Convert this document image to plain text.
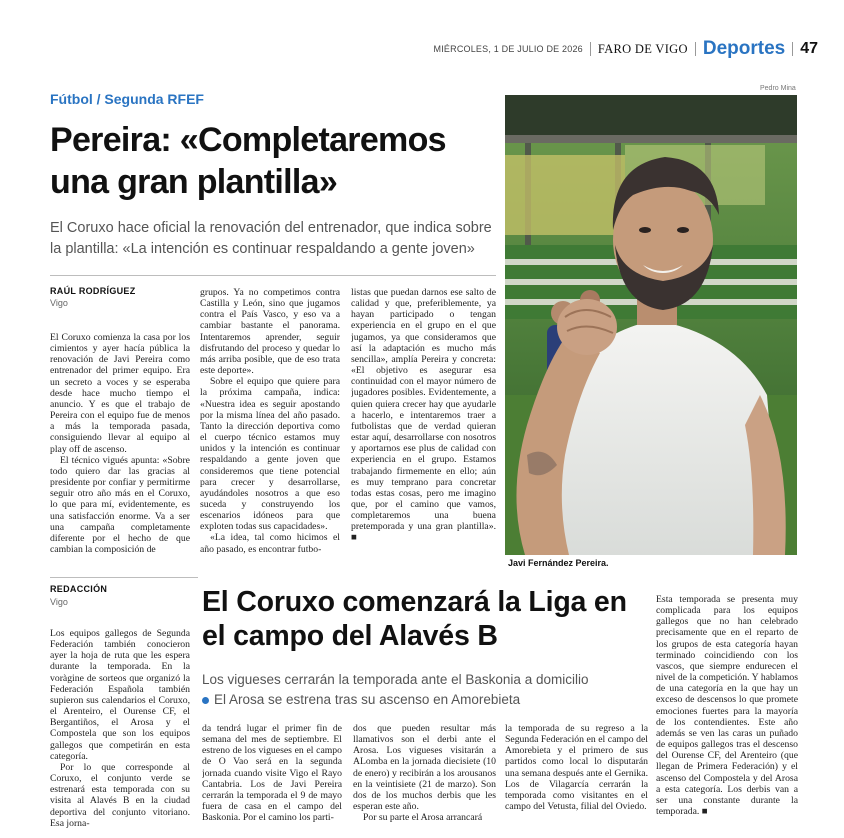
MIÉRCOLES, 1 DE JULIO DE 2026 FARO DE VIGO Deportes 47
Fútbol / Segunda RFEF
Pereira: «Completaremos una gran plantilla»
El Coruxo hace oficial la renovación del entrenador, que indica sobre la plantilla: «La intención es continuar respaldando a gente joven»
RAÚL RODRÍGUEZ
Vigo

El Coruxo comienza la casa por los cimientos y ayer hacía pública la renovación de Javi Pereira como entrenador del primer equipo. Era un secreto a voces y se esperaba desde hace mucho tiempo el anuncio. Y es que el trabajo de Pereira con el equipo fue de menos a más la temporada pasada, consiguiendo llevar al equipo al play off de ascenso.

El técnico vigués apunta: «Sobre todo quiero dar las gracias al presidente por confiar y permitirme seguir otro año más en el Coruxo, lo que para mí, evidentemente, es una satisfacción enorme. Va a ser una campaña completamente diferente por el hecho de que cambian la composición de

grupos. Ya no competimos contra Castilla y León, sino que jugamos contra el País Vasco, y eso va a cambiar bastante el panorama. Intentaremos aprender, seguir disfrutando del proceso y quedar lo más arriba posible, que de eso trata este deporte».

Sobre el equipo que quiere para la próxima campaña, indica: «Nuestra idea es seguir apostando por la misma línea del año pasado. Tanto la dirección deportiva como el cuerpo técnico estamos muy unidos y la intención es continuar respaldando a gente joven que consideremos que tiene potencial para crecer y desarrollarse, ayudándoles nosotros a que eso suceda y construyendo los escenarios idóneos para que exploten todas sus capacidades».

«La idea, tal como hicimos el año pasado, es encontrar futbo-

listas que puedan darnos ese salto de calidad y que, preferiblemente, ya hayan participado o tengan experiencia en el grupo en el que jugamos, ya que consideramos que así la adaptación es mucho más sencilla», amplía Pereira y concreta: «El objetivo es asegurar esa continuidad con el mayor número de jugadores posibles. Evidentemente, a quien quiera crecer hay que ayudarle a hacerlo, e intentaremos traer a futbolistas que de verdad quieran estar aquí, desarrollarse con nosotros y aportarnos ese plus de calidad con experiencia en el grupo. Estamos trabajando firmemente en ello; aún es muy temprano para concretar todas estas cosas, pero me imagino que, por el camino que vamos, completaremos una buena pretemporada y una gran plantilla». ■

Pedro Mina
Javi Fernández Pereira.
REDACCIÓN
Vigo	El Coruxo comenzará la Liga en el campo del Alavés B
Los vigueses cerrarán la temporada ante el Baskonia a domicilio
El Arosa se estrena tras su ascenso en Amorebieta

Los equipos gallegos de Segunda Federación también conocieron ayer la hoja de ruta que les espera durante la temporada. En la voràgine de sorteos que organizó la Federación Española también supieron sus calendarios el Coruxo, el Arenteiro, el Ourense CF, el Bergantiños, el Arosa y el Compostela que son los equipos gallegos que competirán en esta categoría.

Por lo que corresponde al Coruxo, el conjunto verde se estrenará esta temporada con su visita al Alavés B en la ciudad deportiva del conjunto vitoriano. Esa jorna-

da tendrá lugar el primer fin de semana del mes de septiembre. El estreno de los vigueses en el campo de O Vao será en la segunda jornada cuando visite Vigo el Rayo Cantabria. Los de Javi Pereira cerrarán la temporada el 9 de mayo fuera de casa en el campo del Baskonia. Por el camino los parti-

dos que pueden resultar más llamativos son el derbi ante el Arosa. Los vigueses visitarán a ALomba en la jornada diecisiete (10 de enero) y recibirán a los arousanos en la veintisiete (21 de marzo). Son dos de los muchos derbis que les esperan este año.

Por su parte el Arosa arrancará

la temporada de su regreso a la Segunda Federación en el campo del Amorebieta y el primero de sus partidos como local lo disputarán una semana después ante el Gernika. Los de Vilagarcía cerrarán la temporada como visitantes en el campo del Vetusta, filial del Oviedo.

Esta temporada se presenta muy complicada para los equipos gallegos que no han celebrado precisamente que en el reparto de los grupos de esta categoría hayan terminado coincidiendo con los vascos, que siempre endurecen el nivel de la competición. Y hablamos de una categoría en la que hay un exceso de descensos lo que promete emociones fuertes para la mayoría de los contendientes. Este año además se ven las caras un puñado de equipos gallegos tras el descenso del Ourense CF, del Arenteiro (que llegan de Primera Federación) y el ascenso del Compostela y del Arosa a esta categoría. Los derbis van a ser una constante durante la temporada. ■
